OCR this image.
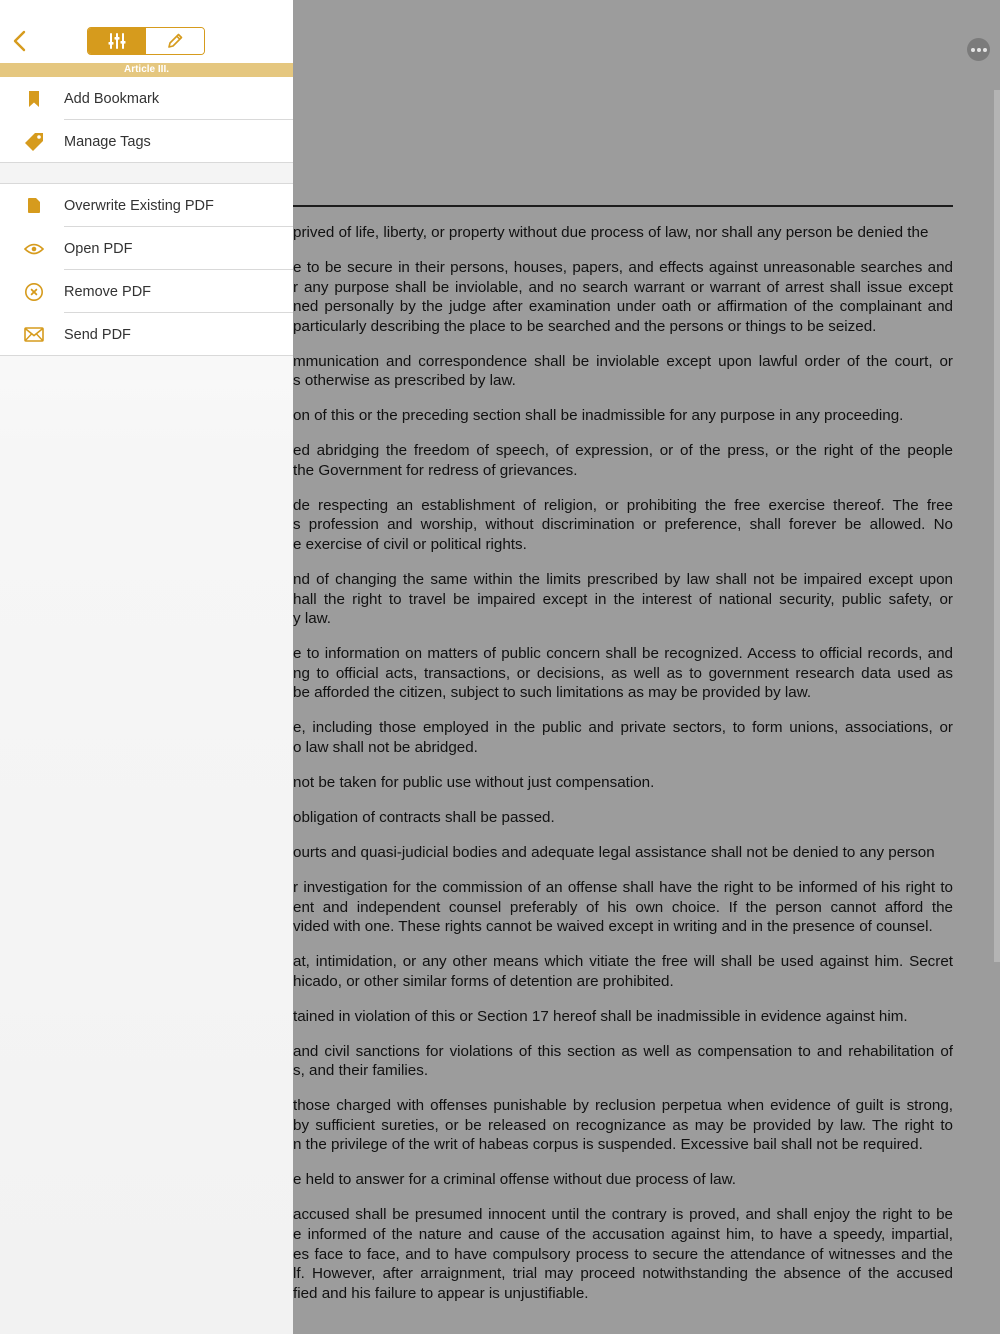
prived of life, liberty, or property without due process of law, nor shall any person be denied the

e to be secure in their persons, houses, papers, and effects against unreasonable searches and
r any purpose shall be inviolable, and no search warrant or warrant of arrest shall issue except
ned personally by the judge after examination under oath or affirmation of the complainant and
particularly describing the place to be searched and the persons or things to be seized.

mmunication and correspondence shall be inviolable except upon lawful order of the court, or
s otherwise as prescribed by law.

on of this or the preceding section shall be inadmissible for any purpose in any proceeding.

ed abridging the freedom of speech, of expression, or of the press, or the right of the people
the Government for redress of grievances.

de respecting an establishment of religion, or prohibiting the free exercise thereof. The free
s profession and worship, without discrimination or preference, shall forever be allowed. No
e exercise of civil or political rights.

nd of changing the same within the limits prescribed by law shall not be impaired except upon
hall the right to travel be impaired except in the interest of national security, public safety, or
y law.

e to information on matters of public concern shall be recognized. Access to official records, and
ng to official acts, transactions, or decisions, as well as to government research data used as
be afforded the citizen, subject to such limitations as may be provided by law.

e, including those employed in the public and private sectors, to form unions, associations, or
o law shall not be abridged.

not be taken for public use without just compensation.

obligation of contracts shall be passed.

ourts and quasi-judicial bodies and adequate legal assistance shall not be denied to any person

r investigation for the commission of an offense shall have the right to be informed of his right to
ent and independent counsel preferably of his own choice. If the person cannot afford the
vided with one. These rights cannot be waived except in writing and in the presence of counsel.

at, intimidation, or any other means which vitiate the free will shall be used against him. Secret
hicado, or other similar forms of detention are prohibited.

tained in violation of this or Section 17 hereof shall be inadmissible in evidence against him.

and civil sanctions for violations of this section as well as compensation to and rehabilitation of
s, and their families.

those charged with offenses punishable by reclusion perpetua when evidence of guilt is strong,
by sufficient sureties, or be released on recognizance as may be provided by law. The right to
n the privilege of the writ of habeas corpus is suspended. Excessive bail shall not be required.

e held to answer for a criminal offense without due process of law.

accused shall be presumed innocent until the contrary is proved, and shall enjoy the right to be
e informed of the nature and cause of the accusation against him, to have a speedy, impartial,
es face to face, and to have compulsory process to secure the attendance of witnesses and the
lf. However, after arraignment, trial may proceed notwithstanding the absence of the accused
fied and his failure to appear is unjustifiable.

Article III.
Add Bookmark
Manage Tags
Overwrite Existing PDF
Open PDF
Remove PDF
Send PDF
